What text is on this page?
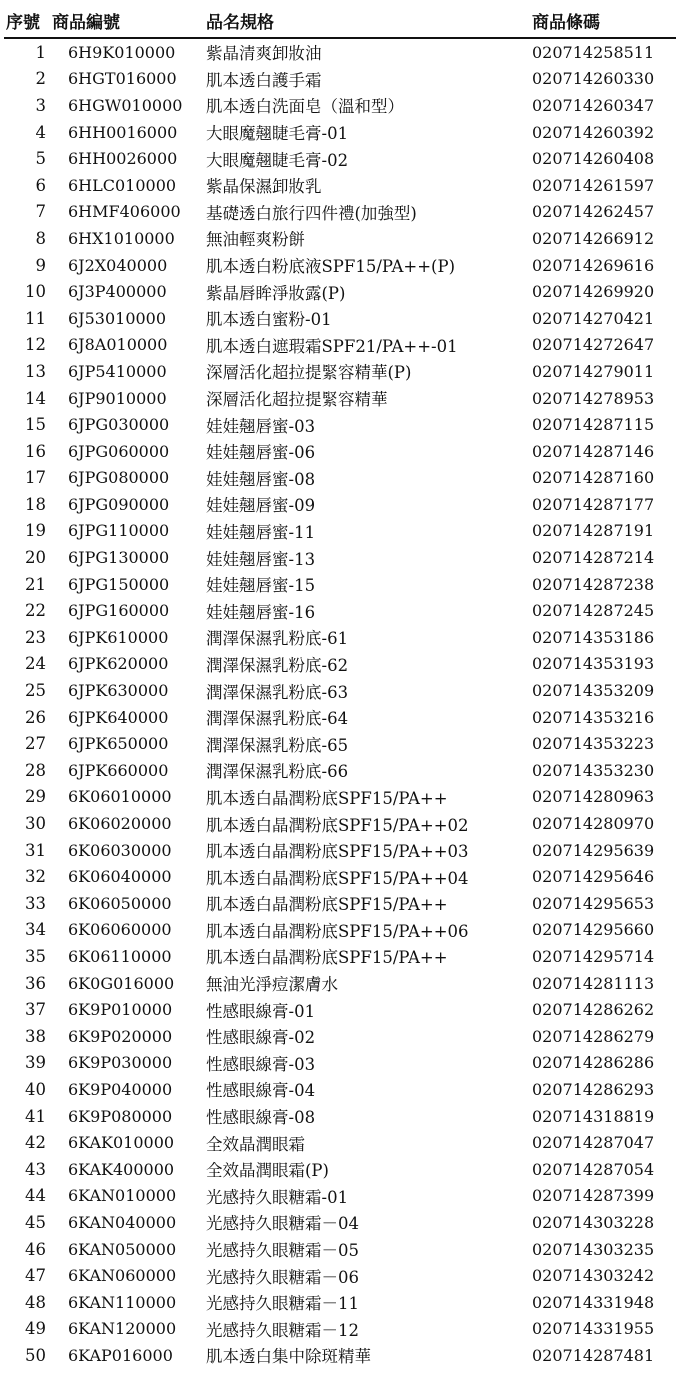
序號	商品編號	品名規格	商品條碼
1	6H9K010000	紫晶清爽卸妝油	020714258511
2	6HGT016000	肌本透白護手霜	020714260330
3	6HGW010000	肌本透白洗面皂（溫和型）	020714260347
4	6HH0016000	大眼魔翹睫毛膏-01	020714260392
5	6HH0026000	大眼魔翹睫毛膏-02	020714260408
6	6HLC010000	紫晶保濕卸妝乳	020714261597
7	6HMF406000	基礎透白旅行四件禮(加強型)	020714262457
8	6HX1010000	無油輕爽粉餅	020714266912
9	6J2X040000	肌本透白粉底液SPF15/PA++(P)	020714269616
10	6J3P400000	紫晶唇眸淨妝露(P)	020714269920
11	6J53010000	肌本透白蜜粉-01	020714270421
12	6J8A010000	肌本透白遮瑕霜SPF21/PA++-01	020714272647
13	6JP5410000	深層活化超拉提緊容精華(P)	020714279011
14	6JP9010000	深層活化超拉提緊容精華	020714278953
15	6JPG030000	娃娃翹唇蜜-03	020714287115
16	6JPG060000	娃娃翹唇蜜-06	020714287146
17	6JPG080000	娃娃翹唇蜜-08	020714287160
18	6JPG090000	娃娃翹唇蜜-09	020714287177
19	6JPG110000	娃娃翹唇蜜-11	020714287191
20	6JPG130000	娃娃翹唇蜜-13	020714287214
21	6JPG150000	娃娃翹唇蜜-15	020714287238
22	6JPG160000	娃娃翹唇蜜-16	020714287245
23	6JPK610000	潤澤保濕乳粉底-61	020714353186
24	6JPK620000	潤澤保濕乳粉底-62	020714353193
25	6JPK630000	潤澤保濕乳粉底-63	020714353209
26	6JPK640000	潤澤保濕乳粉底-64	020714353216
27	6JPK650000	潤澤保濕乳粉底-65	020714353223
28	6JPK660000	潤澤保濕乳粉底-66	020714353230
29	6K06010000	肌本透白晶潤粉底SPF15/PA++	020714280963
30	6K06020000	肌本透白晶潤粉底SPF15/PA++02	020714280970
31	6K06030000	肌本透白晶潤粉底SPF15/PA++03	020714295639
32	6K06040000	肌本透白晶潤粉底SPF15/PA++04	020714295646
33	6K06050000	肌本透白晶潤粉底SPF15/PA++	020714295653
34	6K06060000	肌本透白晶潤粉底SPF15/PA++06	020714295660
35	6K06110000	肌本透白晶潤粉底SPF15/PA++	020714295714
36	6K0G016000	無油光淨痘潔膚水	020714281113
37	6K9P010000	性感眼線膏-01	020714286262
38	6K9P020000	性感眼線膏-02	020714286279
39	6K9P030000	性感眼線膏-03	020714286286
40	6K9P040000	性感眼線膏-04	020714286293
41	6K9P080000	性感眼線膏-08	020714318819
42	6KAK010000	全效晶潤眼霜	020714287047
43	6KAK400000	全效晶潤眼霜(P)	020714287054
44	6KAN010000	光感持久眼糖霜-01	020714287399
45	6KAN040000	光感持久眼糖霜－04	020714303228
46	6KAN050000	光感持久眼糖霜－05	020714303235
47	6KAN060000	光感持久眼糖霜－06	020714303242
48	6KAN110000	光感持久眼糖霜－11	020714331948
49	6KAN120000	光感持久眼糖霜－12	020714331955
50	6KAP016000	肌本透白集中除斑精華	020714287481
